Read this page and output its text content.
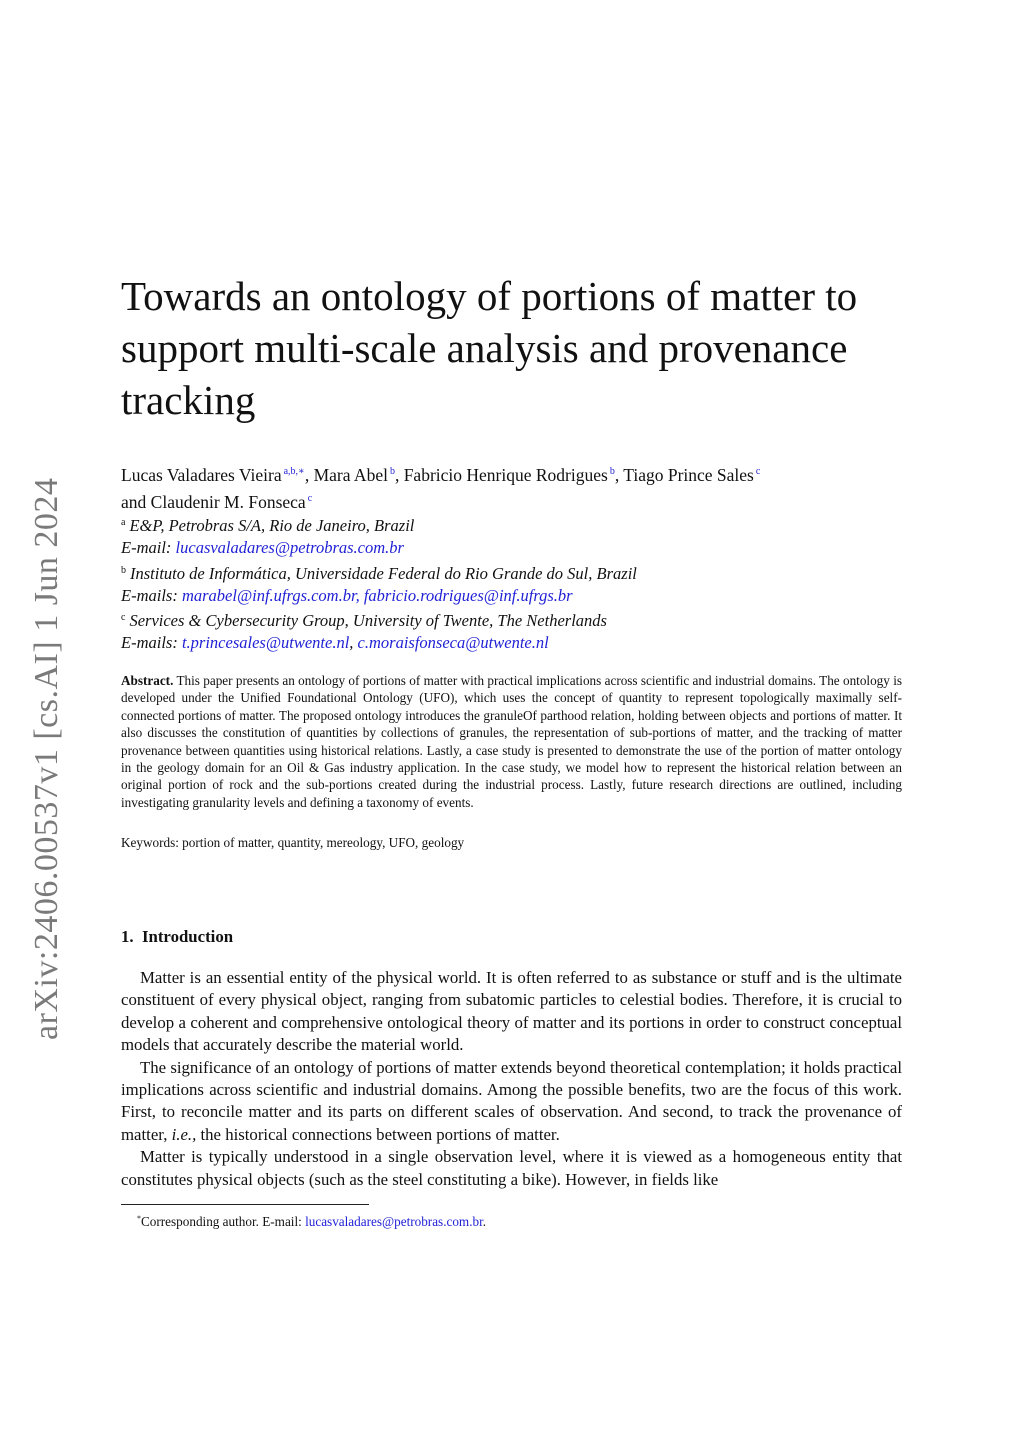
arXiv:2406.00537v1 [cs.AI] 1 Jun 2024
Towards an ontology of portions of matter to support multi-scale analysis and provenance tracking
Lucas Valadares Vieira $^{a,b,∗}$, Mara Abel $^b$, Fabricio Henrique Rodrigues $^b$, Tiago Prince Sales $^c$
and Claudenir M. Fonseca $^c$
$^a$ E&P, Petrobras S/A, Rio de Janeiro, Brazil
E-mail: lucasvaladares@petrobras.com.br
$^b$ Instituto de Informática, Universidade Federal do Rio Grande do Sul, Brazil
E-mails: marabel@inf.ufrgs.com.br, fabricio.rodrigues@inf.ufrgs.br
$^c$ Services & Cybersecurity Group, University of Twente, The Netherlands
E-mails: t.princesales@utwente.nl, c.moraisfonseca@utwente.nl

Abstract. This paper presents an ontology of portions of matter with practical implications across scientific and industrial domains. The ontology is developed under the Unified Foundational Ontology (UFO), which uses the concept of quantity to represent topologically maximally self-connected portions of matter. The proposed ontology introduces the granuleOf parthood relation, holding between objects and portions of matter. It also discusses the constitution of quantities by collections of granules, the representation of sub-portions of matter, and the tracking of matter provenance between quantities using historical relations. Lastly, a case study is presented to demonstrate the use of the portion of matter ontology in the geology domain for an Oil & Gas industry application. In the case study, we model how to represent the historical relation between an original portion of rock and the sub-portions created during the industrial process. Lastly, future research directions are outlined, including investigating granularity levels and defining a taxonomy of events.

Keywords: portion of matter, quantity, mereology, UFO, geology
1. Introduction

Matter is an essential entity of the physical world. It is often referred to as substance or stuff and is the ultimate constituent of every physical object, ranging from subatomic particles to celestial bodies. Therefore, it is crucial to develop a coherent and comprehensive ontological theory of matter and its portions in order to construct conceptual models that accurately describe the material world.

The significance of an ontology of portions of matter extends beyond theoretical contemplation; it holds practical implications across scientific and industrial domains. Among the possible benefits, two are the focus of this work. First, to reconcile matter and its parts on different scales of observation. And second, to track the provenance of matter, i.e., the historical connections between portions of matter.

Matter is typically understood in a single observation level, where it is viewed as a homogeneous entity that constitutes physical objects (such as the steel constituting a bike). However, in fields like

*Corresponding author. E-mail: lucasvaladares@petrobras.com.br.
